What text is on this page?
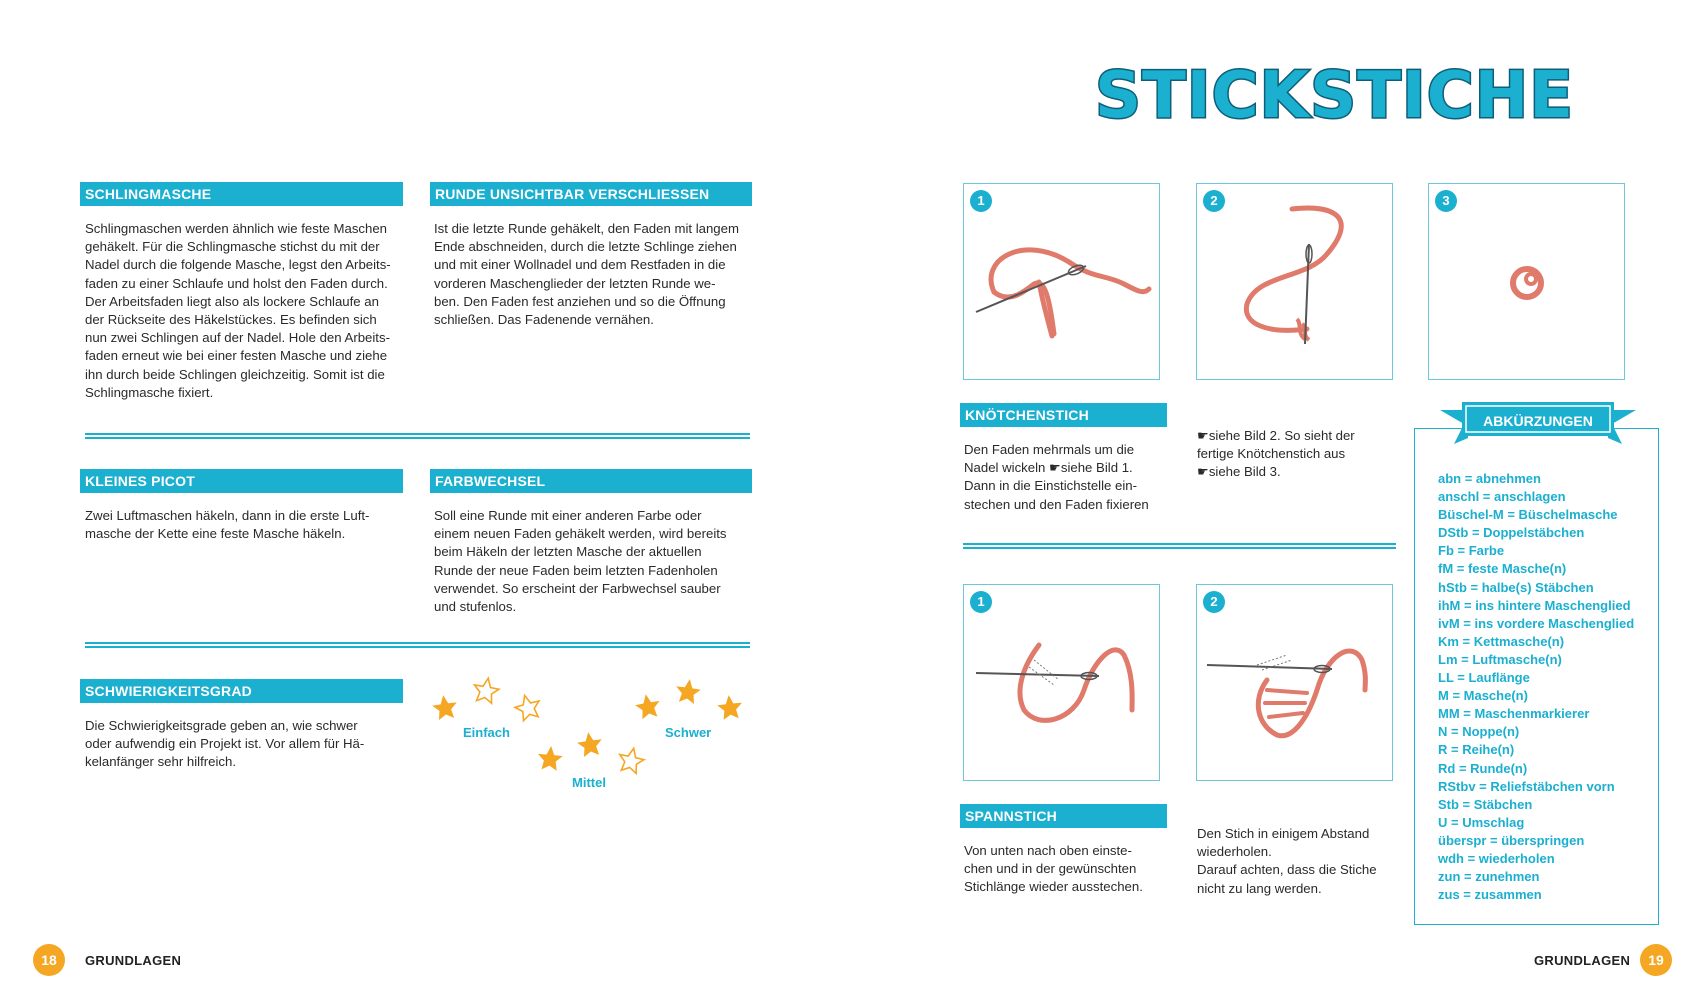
SCHLINGMASCHE
Schlingmaschen werden ähnlich wie feste Maschen
gehäkelt. Für die Schlingmasche stichst du mit der
Nadel durch die folgende Masche, legst den Arbeits-
faden zu einer Schlaufe und holst den Faden durch.
Der Arbeitsfaden liegt also als lockere Schlaufe an
der Rückseite des Häkelstückes. Es befinden sich
nun zwei Schlingen auf der Nadel. Hole den Arbeits-
faden erneut wie bei einer festen Masche und ziehe
ihn durch beide Schlingen gleichzeitig. Somit ist die
Schlingmasche fixiert.
RUNDE UNSICHTBAR VERSCHLIESSEN
Ist die letzte Runde gehäkelt, den Faden mit langem
Ende abschneiden, durch die letzte Schlinge ziehen
und mit einer Wollnadel und dem Restfaden in die
vorderen Maschenglieder der letzten Runde we-
ben. Den Faden fest anziehen und so die Öffnung
schließen. Das Fadenende vernähen.
KLEINES PICOT
Zwei Luftmaschen häkeln, dann in die erste Luft-
masche der Kette eine feste Masche häkeln.
FARBWECHSEL
Soll eine Runde mit einer anderen Farbe oder
einem neuen Faden gehäkelt werden, wird bereits
beim Häkeln der letzten Masche der aktuellen
Runde der neue Faden beim letzten Fadenholen
verwendet. So erscheint der Farbwechsel sauber
und stufenlos.
SCHWIERIGKEITSGRAD
Die Schwierigkeitsgrade geben an, wie schwer
oder aufwendig ein Projekt ist. Vor allem für Hä-
kelanfänger sehr hilfreich.
Einfach
Mittel
Schwer
18	GRUNDLAGEN
STICKSTICHE
1	2	3
KNÖTCHENSTICH
Den Faden mehrmals um die
Nadel wickeln ☛siehe Bild 1.
Dann in die Einstichstelle ein-
stechen und den Faden fixieren
☛siehe Bild 2. So sieht der
fertige Knötchenstich aus
☛siehe Bild 3.
1	2
SPANNSTICH
Von unten nach oben einste-
chen und in der gewünschten
Stichlänge wieder ausstechen.
Den Stich in einigem Abstand
wiederholen.
Darauf achten, dass die Stiche
nicht zu lang werden.
ABKÜRZUNGEN
abn = abnehmen
anschl = anschlagen
Büschel-M = Büschelmasche
DStb = Doppelstäbchen
Fb = Farbe
fM = feste Masche(n)
hStb = halbe(s) Stäbchen
ihM = ins hintere Maschenglied
ivM = ins vordere Maschenglied
Km = Kettmasche(n)
Lm = Luftmasche(n)
LL = Lauflänge
M = Masche(n)
MM = Maschenmarkierer
N = Noppe(n)
R = Reihe(n)
Rd = Runde(n)
RStbv = Reliefstäbchen vorn
Stb = Stäbchen
U = Umschlag
überspr = überspringen
wdh = wiederholen
zun = zunehmen
zus = zusammen
GRUNDLAGEN	19
